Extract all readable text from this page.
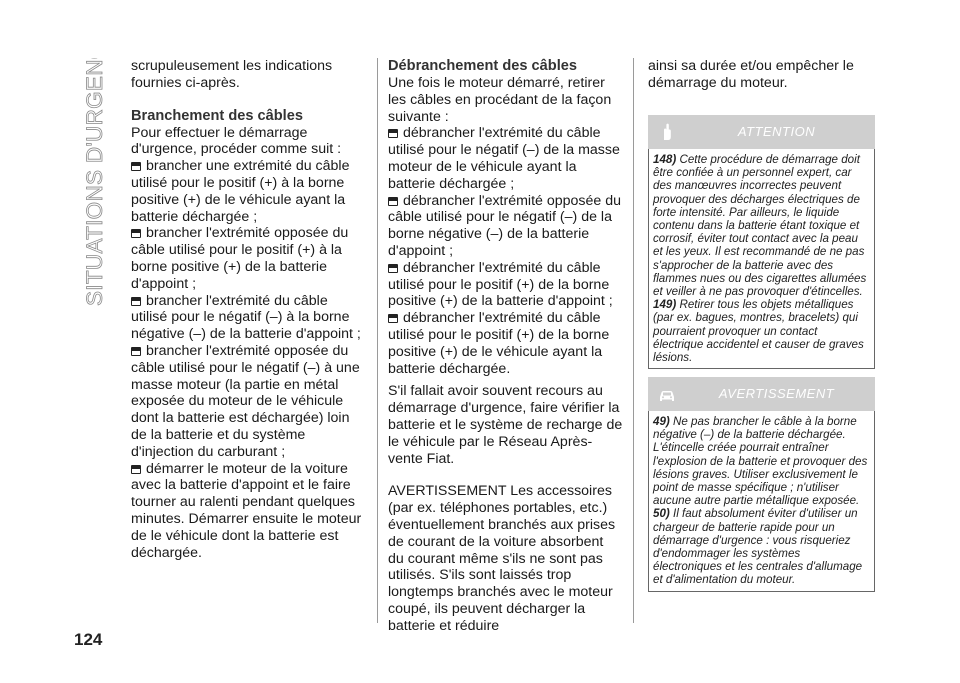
SITUATIONS D'URGENCE
124

scrupuleusement les indications fournies ci-après.

Branchement des câbles

Pour effectuer le démarrage d'urgence, procéder comme suit :

brancher une extrémité du câble utilisé pour le positif (+) à la borne positive (+) de le véhicule ayant la batterie déchargée ;

brancher l'extrémité opposée du câble utilisé pour le positif (+) à la borne positive (+) de la batterie d'appoint ;

brancher l'extrémité du câble utilisé pour le négatif (–) à la borne négative (–) de la batterie d'appoint ;

brancher l'extrémité opposée du câble utilisé pour le négatif (–) à une masse moteur (la partie en métal exposée du moteur de le véhicule dont la batterie est déchargée) loin de la batterie et du système d'injection du carburant ;

démarrer le moteur de la voiture avec la batterie d'appoint et le faire tourner au ralenti pendant quelques minutes. Démarrer ensuite le moteur de le véhicule dont la batterie est déchargée.

Débranchement des câbles

Une fois le moteur démarré, retirer les câbles en procédant de la façon suivante :

débrancher l'extrémité du câble utilisé pour le négatif (–) de la masse moteur de le véhicule ayant la batterie déchargée ;

débrancher l'extrémité opposée du câble utilisé pour le négatif (–) de la borne négative (–) de la batterie d'appoint ;

débrancher l'extrémité du câble utilisé pour le positif (+) de la borne positive (+) de la batterie d'appoint ;

débrancher l'extrémité du câble utilisé pour le positif (+) de la borne positive (+) de le véhicule ayant la batterie déchargée.

S'il fallait avoir souvent recours au démarrage d'urgence, faire vérifier la batterie et le système de recharge de le véhicule par le Réseau Après-vente Fiat.

AVERTISSEMENT Les accessoires (par ex. téléphones portables, etc.) éventuellement branchés aux prises de courant de la voiture absorbent du courant même s'ils ne sont pas utilisés. S'ils sont laissés trop longtemps branchés avec le moteur coupé, ils peuvent décharger la batterie et réduire

ainsi sa durée et/ou empêcher le démarrage du moteur.

ATTENTION

148) Cette procédure de démarrage doit être confiée à un personnel expert, car des manœuvres incorrectes peuvent provoquer des décharges électriques de forte intensité. Par ailleurs, le liquide contenu dans la batterie étant toxique et corrosif, éviter tout contact avec la peau et les yeux. Il est recommandé de ne pas s'approcher de la batterie avec des flammes nues ou des cigarettes allumées et veiller à ne pas provoquer d'étincelles.

149) Retirer tous les objets métalliques (par ex. bagues, montres, bracelets) qui pourraient provoquer un contact électrique accidentel et causer de graves lésions.

AVERTISSEMENT

49) Ne pas brancher le câble à la borne négative (–) de la batterie déchargée. L'étincelle créée pourrait entraîner l'explosion de la batterie et provoquer des lésions graves. Utiliser exclusivement le point de masse spécifique ; n'utiliser aucune autre partie métallique exposée.

50) Il faut absolument éviter d'utiliser un chargeur de batterie rapide pour un démarrage d'urgence : vous risqueriez d'endommager les systèmes électroniques et les centrales d'allumage et d'alimentation du moteur.
